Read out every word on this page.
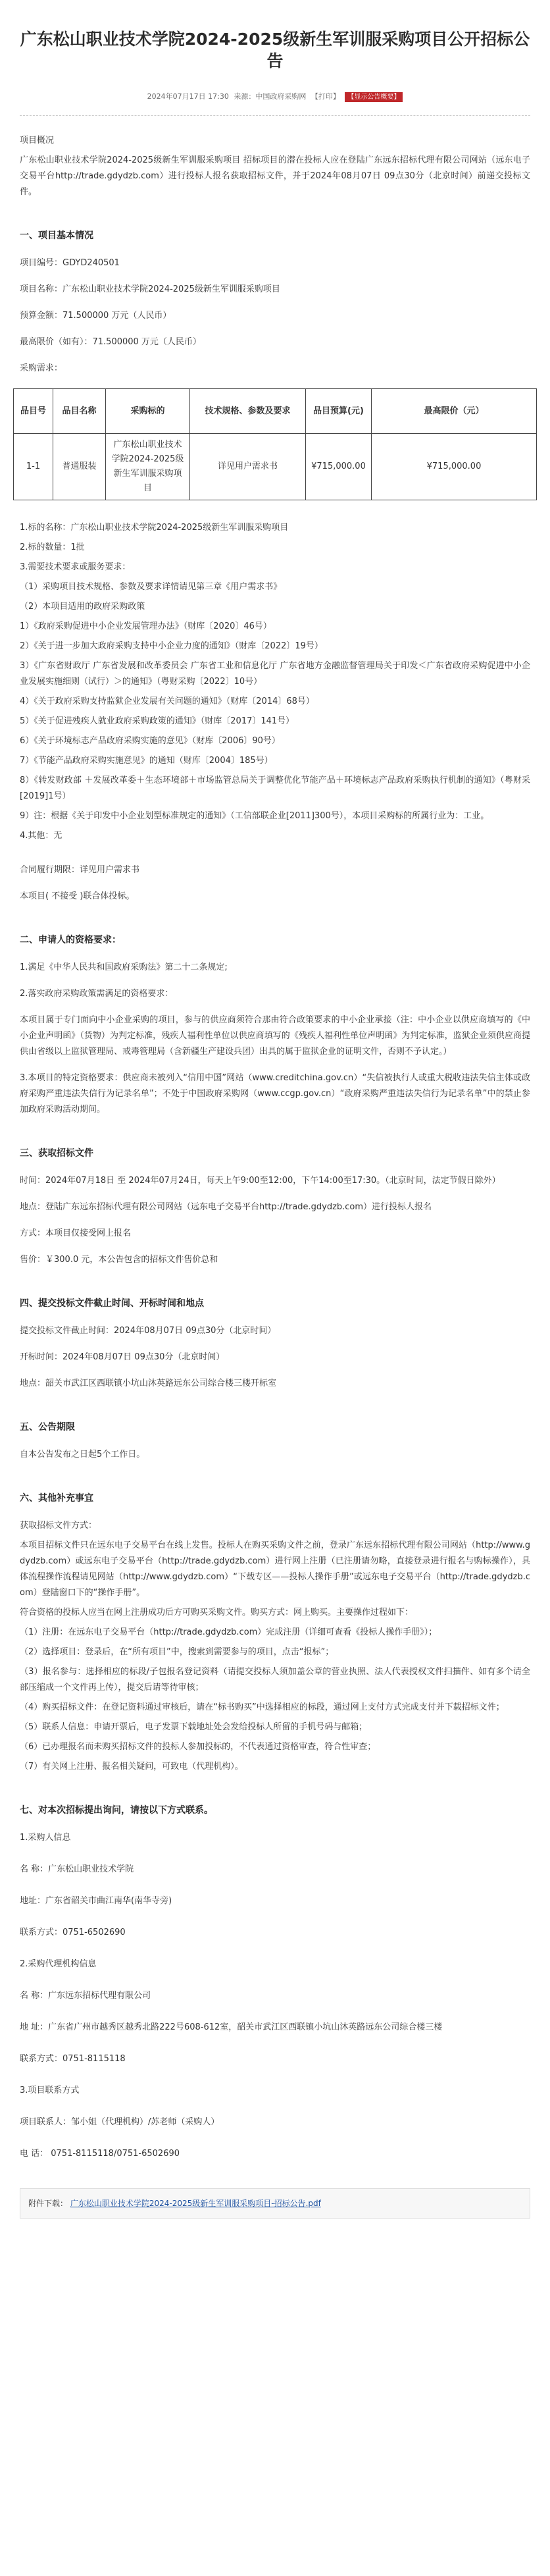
广东松山职业技术学院2024-2025级新生军训服采购项目公开招标公告
2024年07月17日 17:30 来源：中国政府采购网 【打印】 【显示公告概要】

项目概况

广东松山职业技术学院2024-2025级新生军训服采购项目 招标项目的潜在投标人应在登陆广东远东招标代理有限公司网站（远东电子交易平台http://trade.gdydzb.com）进行投标人报名获取招标文件，并于2024年08月07日 09点30分（北京时间）前递交投标文件。

一、项目基本情况

项目编号：GDYD240501

项目名称：广东松山职业技术学院2024-2025级新生军训服采购项目

预算金额：71.500000 万元（人民币）

最高限价（如有）：71.500000 万元（人民币）

采购需求：

品目号	品目名称	采购标的	技术规格、参数及要求	品目预算(元)	最高限价（元）
1-1	普通服装	广东松山职业技术学院2024-2025级新生军训服采购项目	详见用户需求书	¥715,000.00	¥715,000.00

1.标的名称：广东松山职业技术学院2024-2025级新生军训服采购项目

2.标的数量：1批

3.需要技术要求或服务要求：

（1）采购项目技术规格、参数及要求详情请见第三章《用户需求书》

（2）本项目适用的政府采购政策

1）《政府采购促进中小企业发展管理办法》（财库〔2020〕46号）

2）《关于进一步加大政府采购支持中小企业力度的通知》（财库〔2022〕19号）

3）《广东省财政厅 广东省发展和改革委员会 广东省工业和信息化厅 广东省地方金融监督管理局关于印发＜广东省政府采购促进中小企业发展实施细则（试行）＞的通知》（粤财采购〔2022〕10号）

4）《关于政府采购支持监狱企业发展有关问题的通知》（财库〔2014〕68号）

5）《关于促进残疾人就业政府采购政策的通知》（财库〔2017〕141号）

6）《关于环境标志产品政府采购实施的意见》（财库〔2006〕90号）

7）《节能产品政府采购实施意见》的通知（财库〔2004〕185号）

8）《转发财政部 ＋发展改革委＋生态环境部＋市场监管总局关于调整优化节能产品＋环境标志产品政府采购执行机制的通知》（粤财采[2019]1号）

9）注：根据《关于印发中小企业划型标准规定的通知》（工信部联企业[2011]300号），本项目采购标的所属行业为：工业。

4.其他：无

合同履行期限：详见用户需求书

本项目( 不接受 )联合体投标。

二、申请人的资格要求：

1.满足《中华人民共和国政府采购法》第二十二条规定;

2.落实政府采购政策需满足的资格要求：

本项目属于专门面向中小企业采购的项目，参与的供应商须符合那由符合政策要求的中小企业承接（注：中小企业以供应商填写的《中小企业声明函》（货物）为判定标准，残疾人福利性单位以供应商填写的《残疾人福利性单位声明函》为判定标准，监狱企业须供应商提供由省级以上监狱管理局、戒毒管理局（含新疆生产建设兵团）出具的属于监狱企业的证明文件，否则不予认定。）

3.本项目的特定资格要求：供应商未被列入“信用中国”网站（www.creditchina.gov.cn）“失信被执行人或重大税收违法失信主体或政府采购严重违法失信行为记录名单”；不处于中国政府采购网（www.ccgp.gov.cn）“政府采购严重违法失信行为记录名单”中的禁止参加政府采购活动期间。

三、获取招标文件

时间：2024年07月18日 至 2024年07月24日，每天上午9:00至12:00，下午14:00至17:30。（北京时间，法定节假日除外）

地点：登陆广东远东招标代理有限公司网站（远东电子交易平台http://trade.gdydzb.com）进行投标人报名

方式：本项目仅接受网上报名

售价：￥300.0 元，本公告包含的招标文件售价总和

四、提交投标文件截止时间、开标时间和地点

提交投标文件截止时间：2024年08月07日 09点30分（北京时间）

开标时间：2024年08月07日 09点30分（北京时间）

地点：韶关市武江区西联镇小坑山沐英路远东公司综合楼三楼开标室

五、公告期限

自本公告发布之日起5个工作日。

六、其他补充事宜

获取招标文件方式：

本项目招标文件只在远东电子交易平台在线上发售。投标人在购买采购文件之前，登录广东远东招标代理有限公司网站（http://www.gdydzb.com）或远东电子交易平台（http://trade.gdydzb.com）进行网上注册（已注册请勿略，直接登录进行报名与购标操作），具体流程操作流程请见网站（http://www.gdydzb.com）“下载专区——投标人操作手册”或远东电子交易平台（http://trade.gdydzb.com）登陆窗口下的“操作手册”。

符合资格的投标人应当在网上注册成功后方可购买采购文件。购买方式：网上购买。主要操作过程如下：

（1）注册：在远东电子交易平台（http://trade.gdydzb.com）完成注册（详细可查看《投标人操作手册》）；

（2）选择项目：登录后，在“所有项目”中，搜索到需要参与的项目，点击“报标”；

（3）报名参与：选择相应的标段/子包报名登记资料（请提交投标人须加盖公章的营业执照、法人代表授权文件扫描件、如有多个请全部压缩成一个文件再上传），提交后请等待审核；

（4）购买招标文件：在登记资料通过审核后，请在“标书购买”中选择相应的标段，通过网上支付方式完成支付并下载招标文件；

（5）联系人信息：申请开票后，电子发票下载地址处会发给投标人所留的手机号码与邮箱；

（6）已办理报名而未购买招标文件的投标人参加投标的，不代表通过资格审查，符合性审查；

（7）有关网上注册、报名相关疑问，可致电（代理机构）。

七、对本次招标提出询问，请按以下方式联系。

1.采购人信息

名 称：广东松山职业技术学院

地址：广东省韶关市曲江南华(南华寺旁)

联系方式：0751-6502690

2.采购代理机构信息

名 称：广东远东招标代理有限公司

地 址：广东省广州市越秀区越秀北路222号608-612室，韶关市武江区西联镇小坑山沐英路远东公司综合楼三楼

联系方式：0751-8115118

3.项目联系方式

项目联系人：邹小姐（代理机构）/苏老师（采购人）

电 话： 0751-8115118/0751-6502690

附件下载： 广东松山职业技术学院2024-2025级新生军训服采购项目-招标公告.pdf
